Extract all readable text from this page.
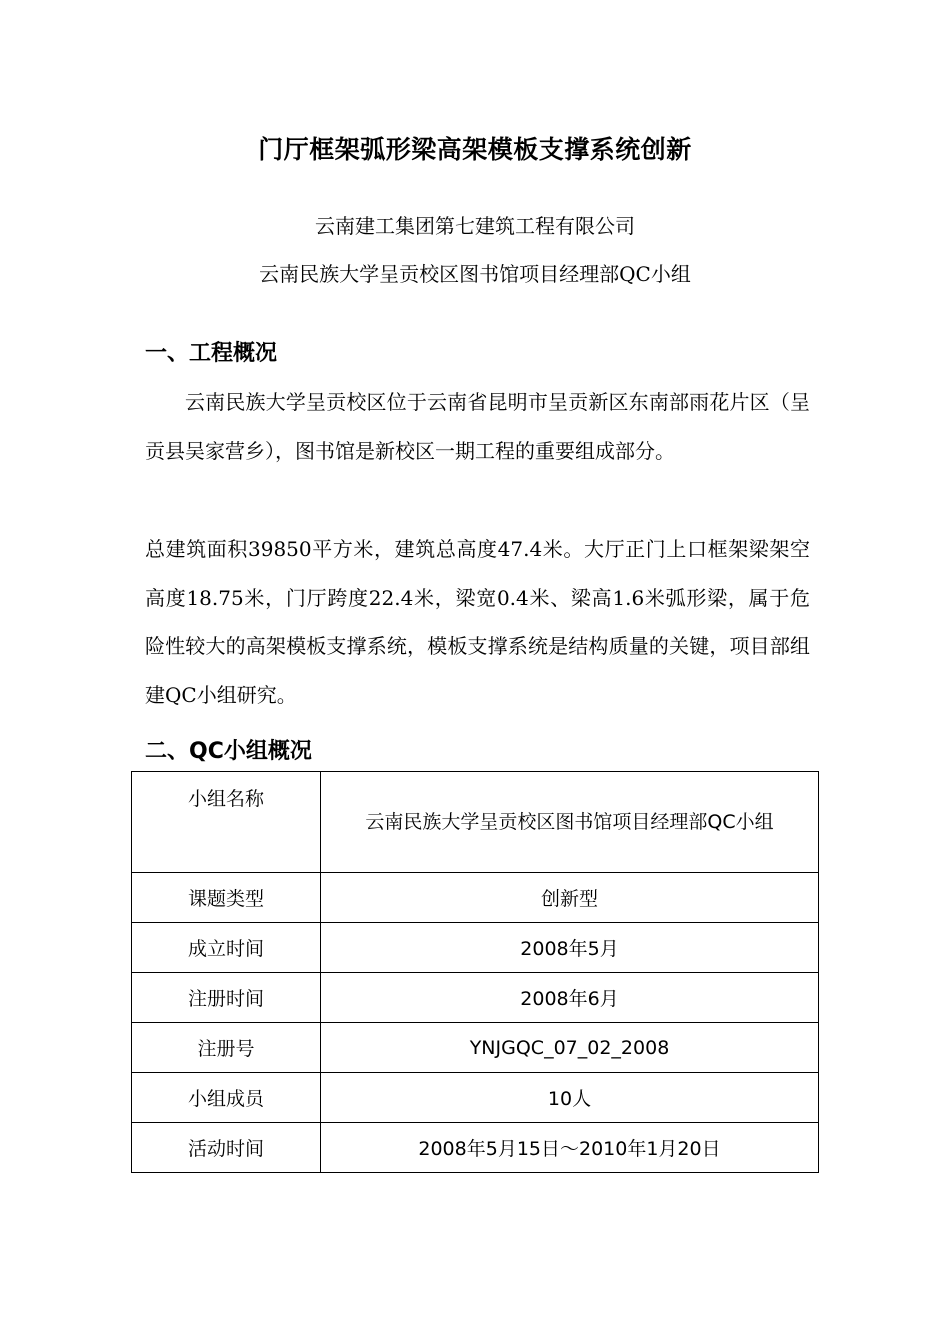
门厅框架弧形梁高架模板支撑系统创新
云南建工集团第七建筑工程有限公司
云南民族大学呈贡校区图书馆项目经理部QC小组
一、工程概况

云南民族大学呈贡校区位于云南省昆明市呈贡新区东南部雨花片区（呈贡县吴家营乡），图书馆是新校区一期工程的重要组成部分。

总建筑面积39850平方米，建筑总高度47.4米。大厅正门上口框架梁架空高度18.75米，门厅跨度22.4米，梁宽0.4米、梁高1.6米弧形梁，属于危险性较大的高架模板支撑系统，模板支撑系统是结构质量的关键，项目部组建QC小组研究。

二、QC小组概况
小组名称	云南民族大学呈贡校区图书馆项目经理部QC小组
课题类型	创新型
成立时间	2008年5月
注册时间	2008年6月
注册号	YNJGQC_07_02_2008
小组成员	10人
活动时间	2008年5月15日～2010年1月20日
